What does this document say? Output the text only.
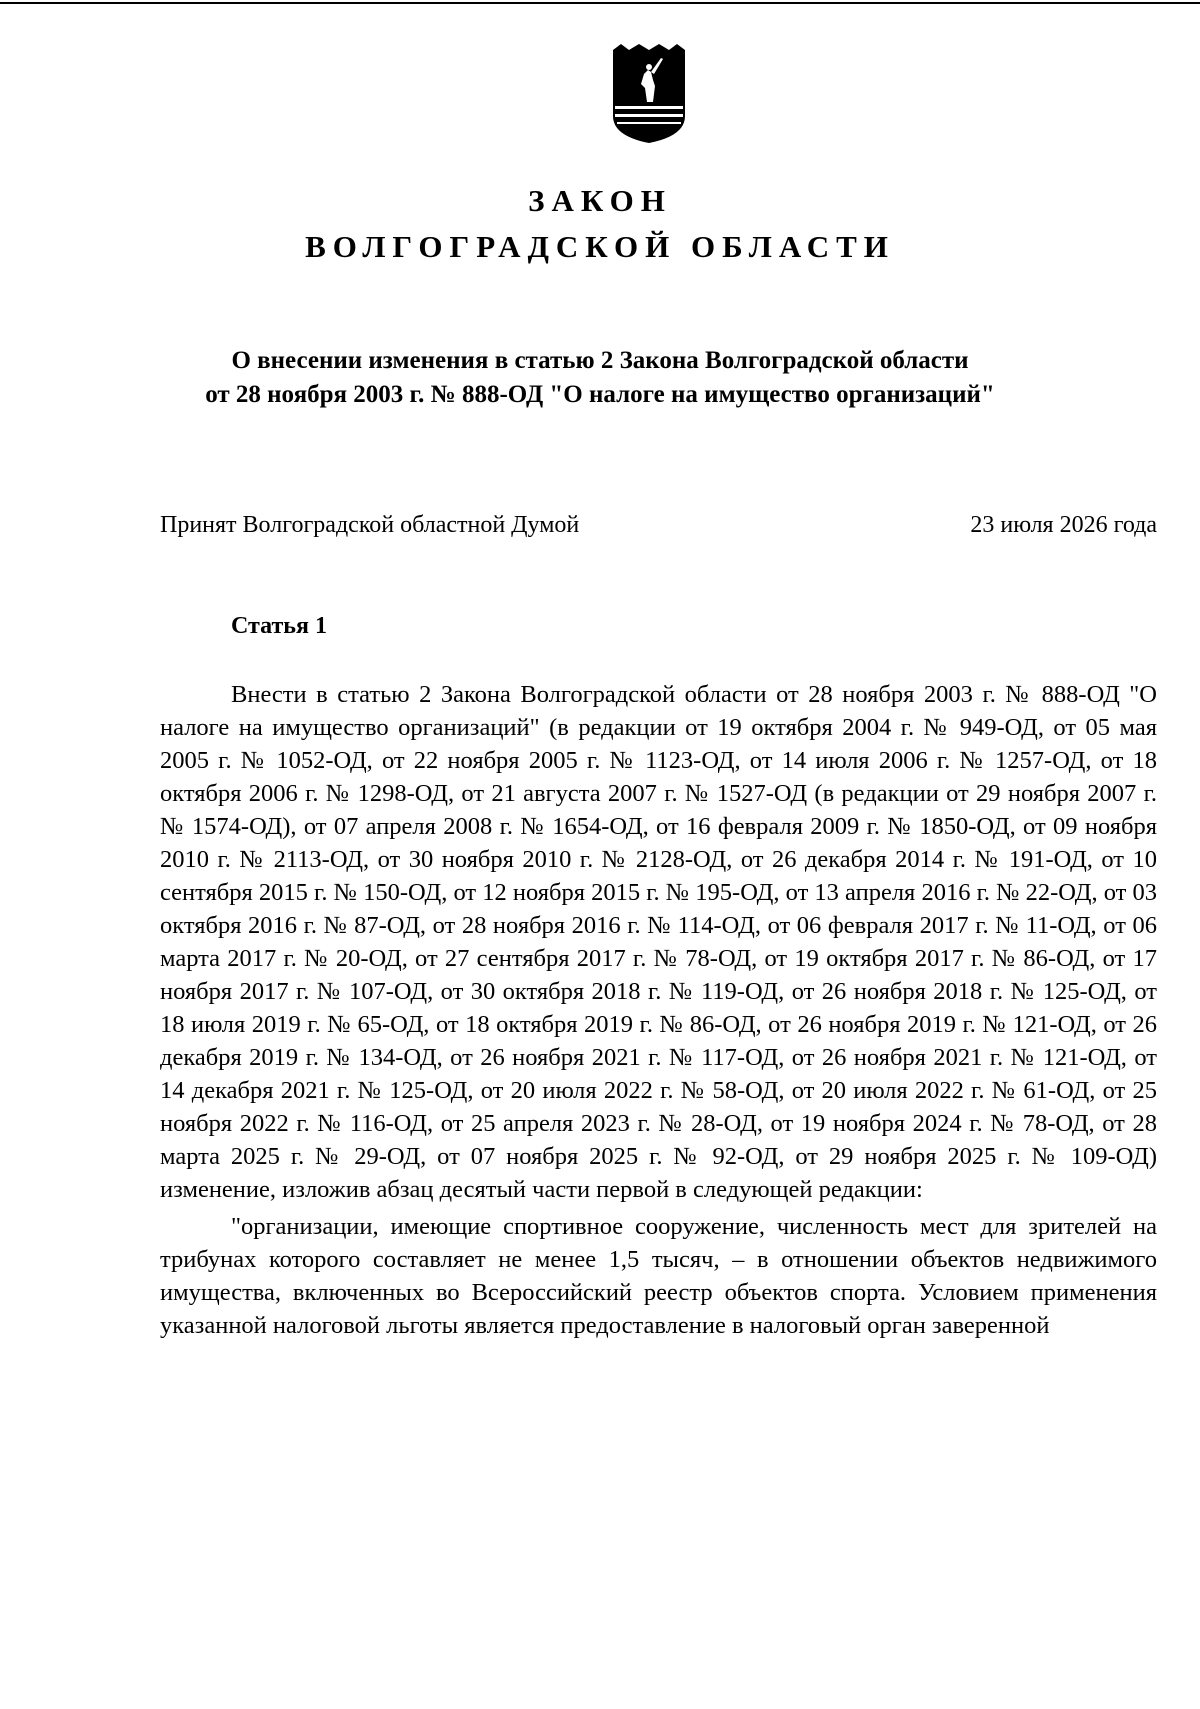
ЗАКОН
ВОЛГОГРАДСКОЙ ОБЛАСТИ
О внесении изменения в статью 2 Закона Волгоградской области
от 28 ноября 2003 г. № 888-ОД "О налоге на имущество организаций"
Принят Волгоградской областной Думой	23 июля 2026 года
Статья 1

Внести в статью 2 Закона Волгоградской области от 28 ноября 2003 г. № 888-ОД "О налоге на имущество организаций" (в редакции от 19 октября 2004 г. № 949-ОД, от 05 мая 2005 г. № 1052-ОД, от 22 ноября 2005 г. № 1123-ОД, от 14 июля 2006 г. № 1257-ОД, от 18 октября 2006 г. № 1298-ОД, от 21 августа 2007 г. № 1527-ОД (в редакции от 29 ноября 2007 г. № 1574-ОД), от 07 апреля 2008 г. № 1654-ОД, от 16 февраля 2009 г. № 1850-ОД, от 09 ноября 2010 г. № 2113-ОД, от 30 ноября 2010 г. № 2128-ОД, от 26 декабря 2014 г. № 191-ОД, от 10 сентября 2015 г. № 150-ОД, от 12 ноября 2015 г. № 195-ОД, от 13 апреля 2016 г. № 22-ОД, от 03 октября 2016 г. № 87-ОД, от 28 ноября 2016 г. № 114-ОД, от 06 февраля 2017 г. № 11-ОД, от 06 марта 2017 г. № 20-ОД, от 27 сентября 2017 г. № 78-ОД, от 19 октября 2017 г. № 86-ОД, от 17 ноября 2017 г. № 107-ОД, от 30 октября 2018 г. № 119-ОД, от 26 ноября 2018 г. № 125-ОД, от 18 июля 2019 г. № 65-ОД, от 18 октября 2019 г. № 86-ОД, от 26 ноября 2019 г. № 121-ОД, от 26 декабря 2019 г. № 134-ОД, от 26 ноября 2021 г. № 117-ОД, от 26 ноября 2021 г. № 121-ОД, от 14 декабря 2021 г. № 125-ОД, от 20 июля 2022 г. № 58-ОД, от 20 июля 2022 г. № 61-ОД, от 25 ноября 2022 г. № 116-ОД, от 25 апреля 2023 г. № 28-ОД, от 19 ноября 2024 г. № 78-ОД, от 28 марта 2025 г. № 29-ОД, от 07 ноября 2025 г. № 92-ОД, от 29 ноября 2025 г. № 109-ОД) изменение, изложив абзац десятый части первой в следующей редакции:

"организации, имеющие спортивное сооружение, численность мест для зрителей на трибунах которого составляет не менее 1,5 тысяч, – в отношении объектов недвижимого имущества, включенных во Всероссийский реестр объектов спорта. Условием применения указанной налоговой льготы является предоставление в налоговый орган заверенной
